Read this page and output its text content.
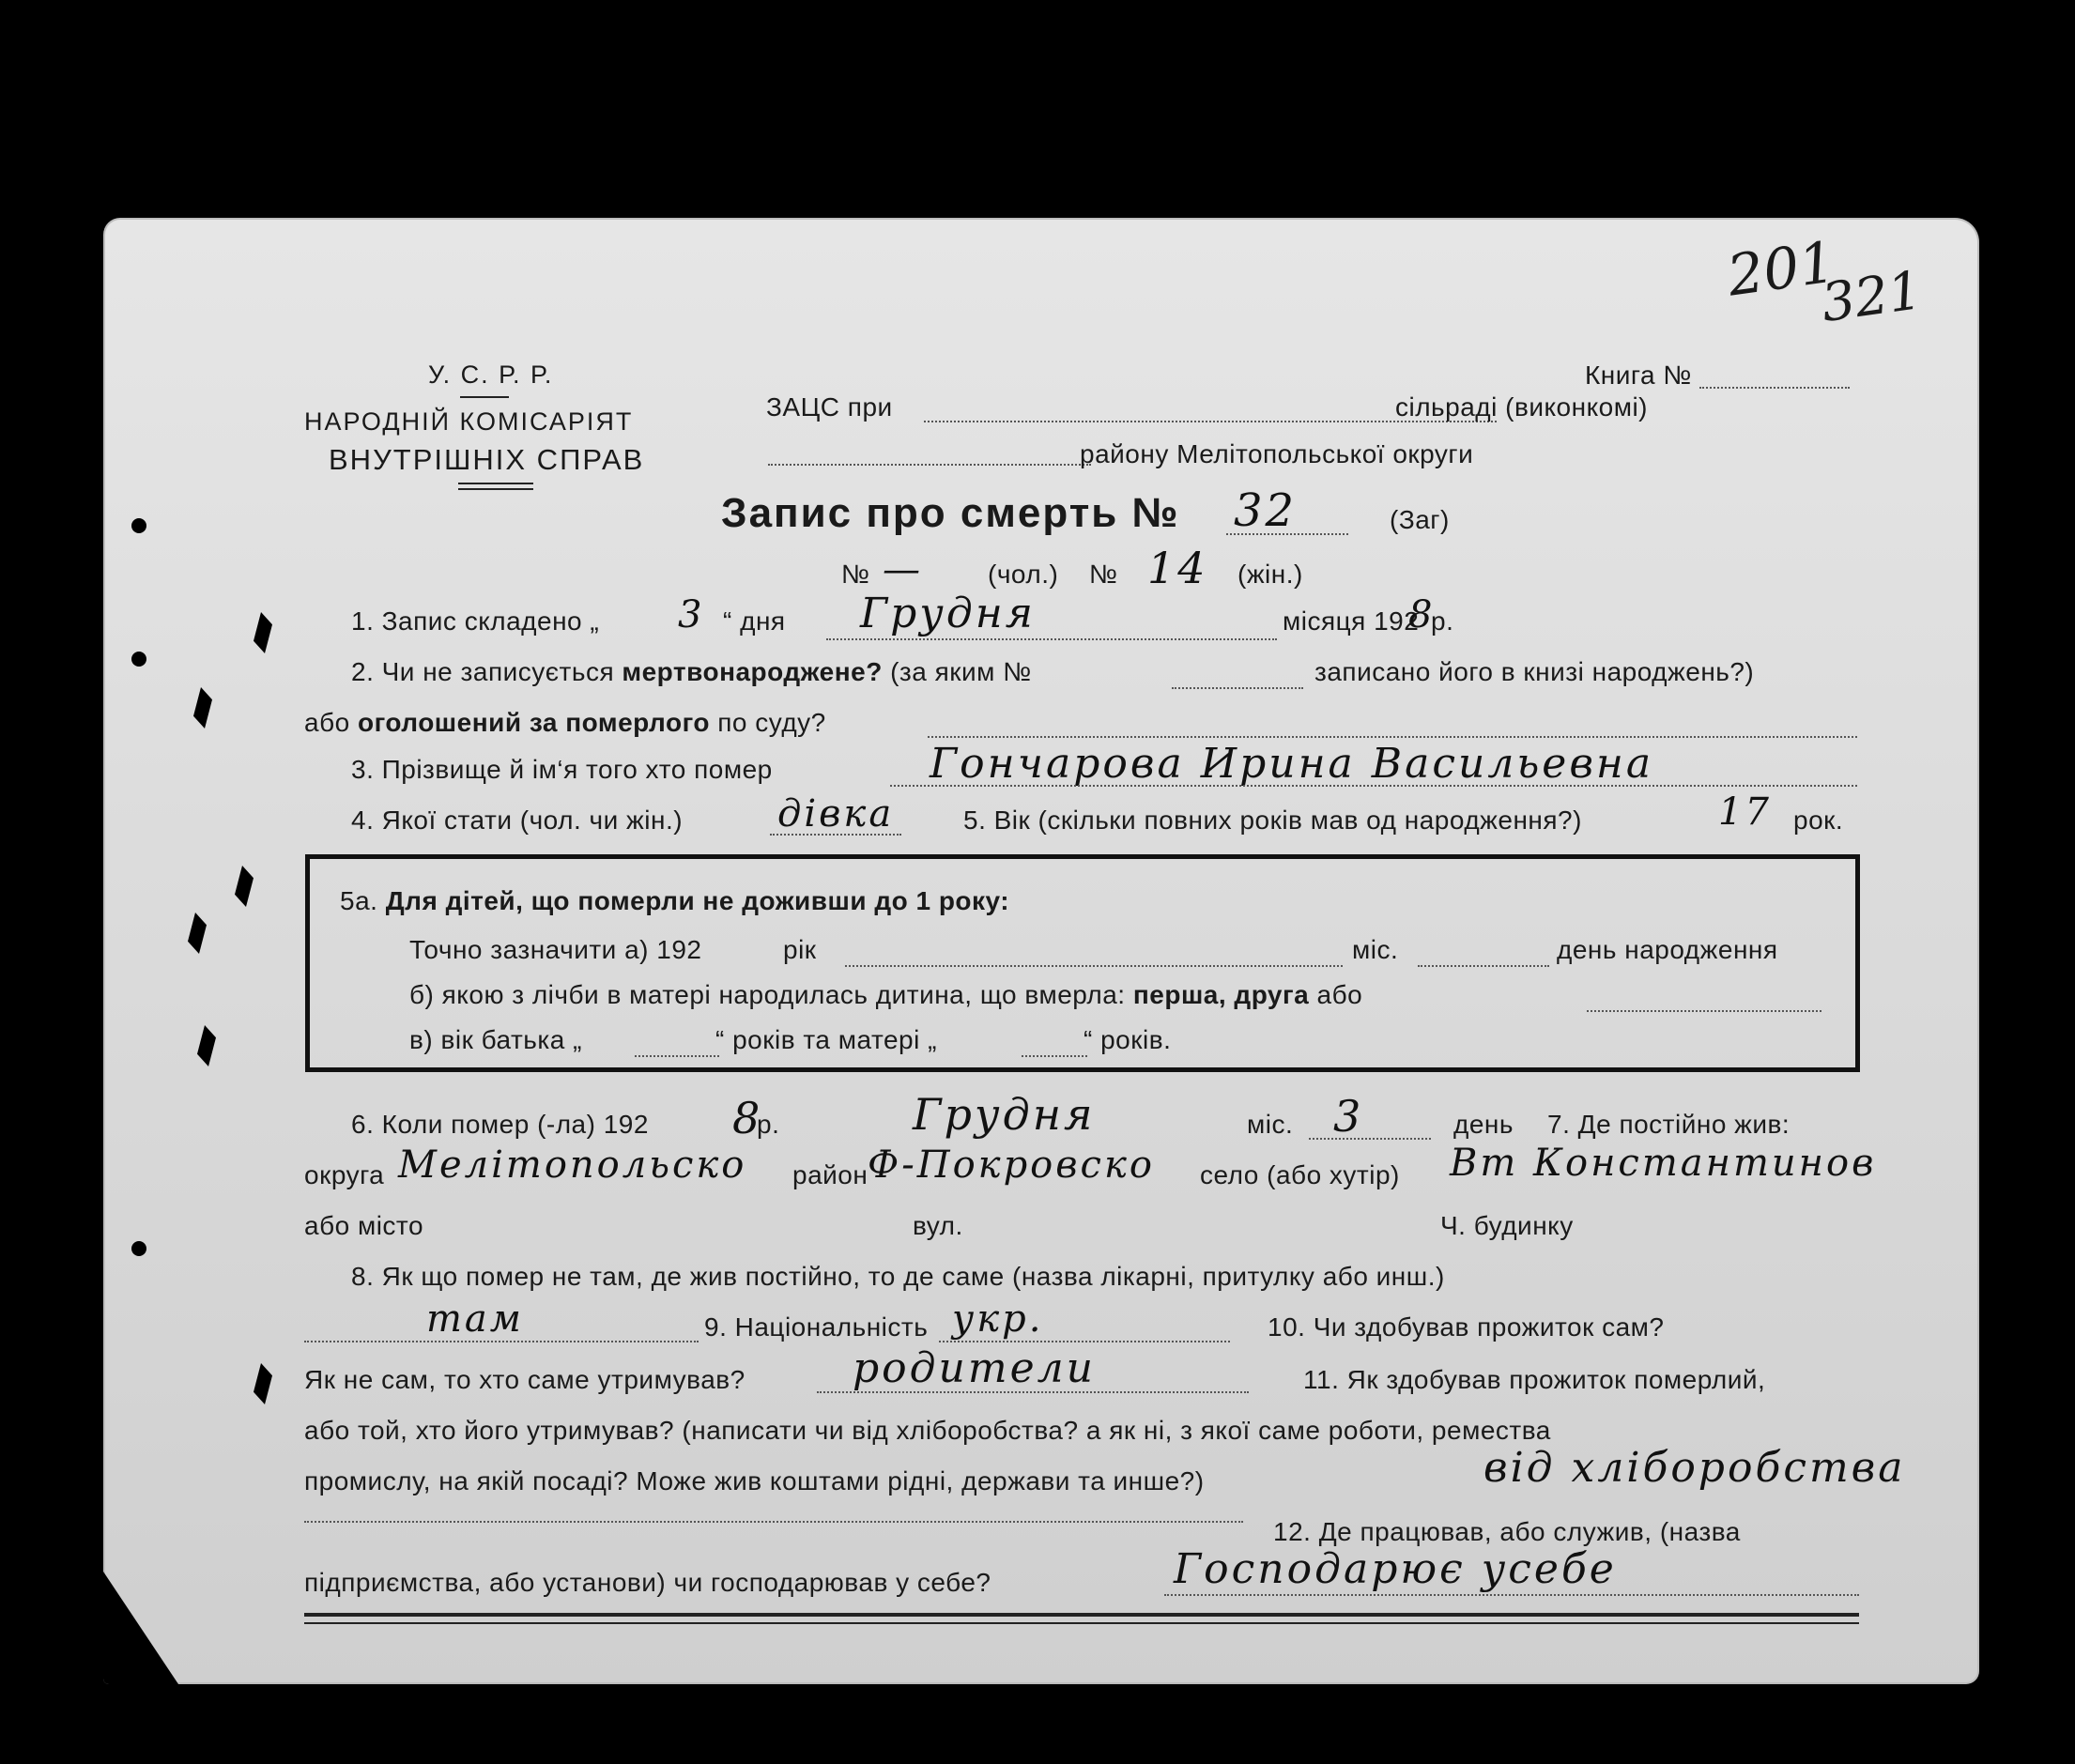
201
321
У. С. Р. Р.
НАРОДНІЙ КОМІСАРІЯТ
ВНУТРІШНІХ СПРАВ
Книга №
ЗАЦС при	сільраді (виконкомі)
району Мелітопольської округи
Запис про смерть № 32	(Заг)
№ — (чол.) № 14 (жін.)
1. Запис складено „ 3 “ дня Грудня	місяця 192
8
р.
2. Чи не записується мертвонароджене? (за яким №	записано його в книзі народжень?)
або оголошений за померлого по суду?
3. Прізвище й ім‘я того хто помер	Гончарова Ирина Васильевна
4. Якої стати (чол. чи жін.)	дівка	5. Вік (скільки повних років мав од народження?)	17 рок.
5а. Для дітей, що померли не доживши до 1 року:
Точно зазначити а) 192	рік	міс.	день народження
б) якою з лічби в матері народилась дитина, що вмерла: перша, друга або
в) вік батька „	“ років та матері „	“ років.
6. Коли помер (-ла) 192 8
р.	Грудня	міс. 3	день 7. Де постійно жив:
округа Мелітопольско район Ф-Покровско село (або хутір) Вт Константинов
або місто	вул.	Ч. будинку
8. Як що помер не там, де жив постійно, то де саме (назва лікарні, притулку або инш.)
там	9. Національність укр.	10. Чи здобував прожиток сам?
Як не сам, то хто саме утримував?	родители	11. Як здобував прожиток померлий,
або той, хто його утримував? (написати чи від хліборобства? а як ні, з якої саме роботи, ремества
промислу, на якій посаді? Може жив коштами рідні, держави та инше?)	від хліборобства
12. Де працював, або служив, (назва
підприємства, або установи) чи господарював у себе?	Господарює усебе
